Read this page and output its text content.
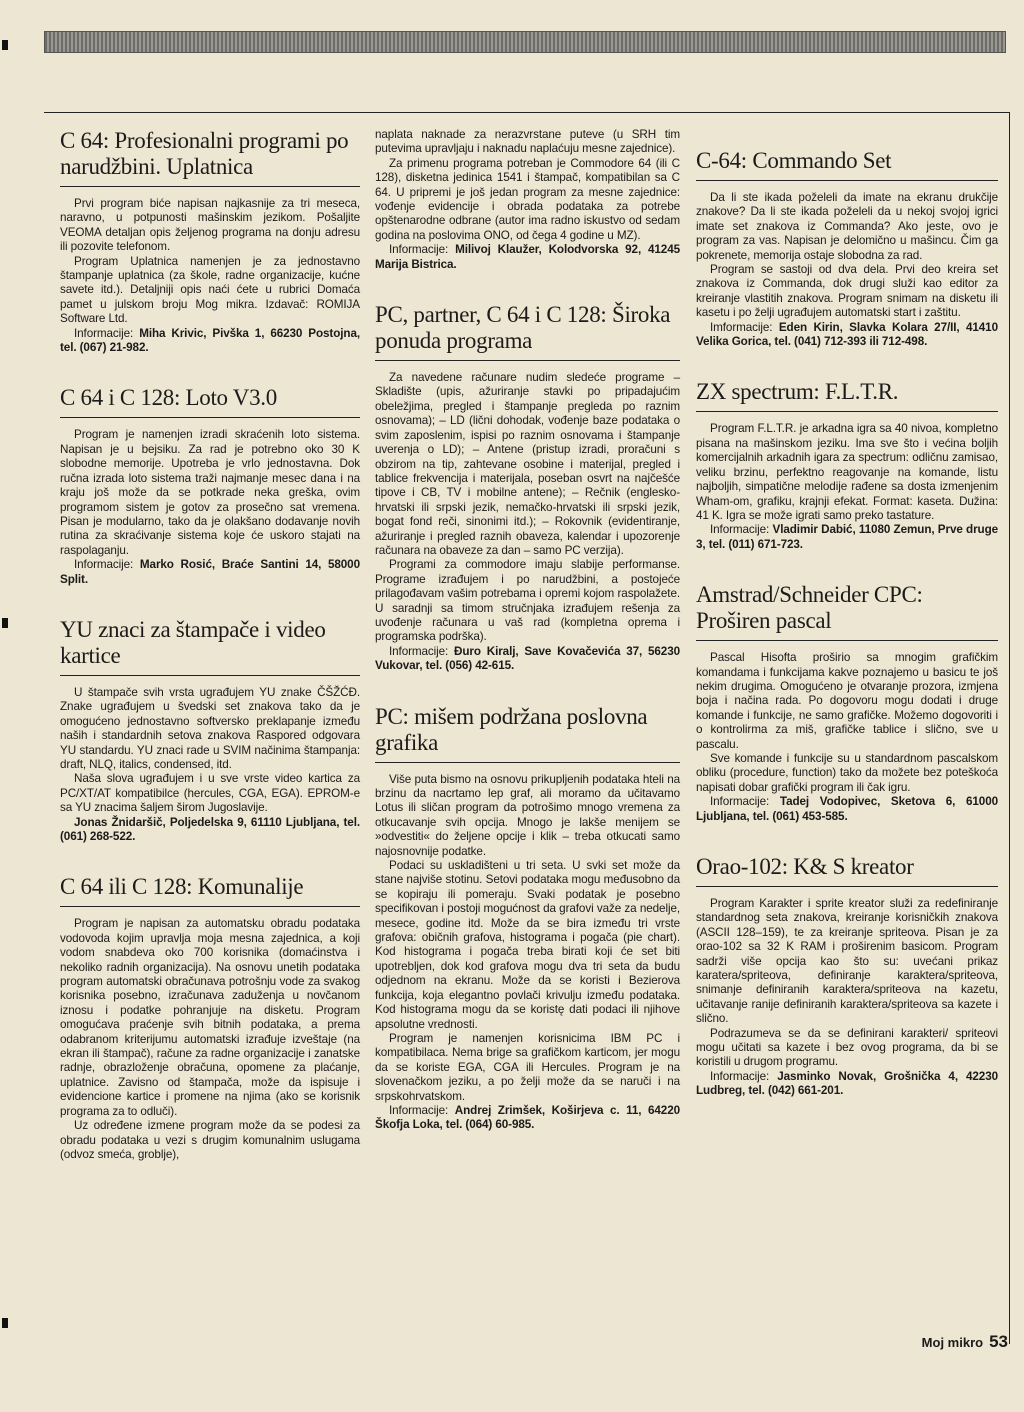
C 64: Profesionalni programi po narudžbini. Uplatnica

Prvi program biće napisan najkasnije za tri meseca, naravno, u potpunosti mašinskim jezikom. Pošaljite VEOMA detaljan opis željenog programa na donju adresu ili pozovite telefonom.

Program Uplatnica namenjen je za jednostavno štampanje uplatnica (za škole, radne organizacije, kućne savete itd.). Detaljniji opis naći ćete u rubrici Domaća pamet u julskom broju Mog mikra. Izdavač: ROMIJA Software Ltd.

Informacije: Miha Krivic, Pivška 1, 66230 Postojna, tel. (067) 21-982.

C 64 i C 128: Loto V3.0

Program je namenjen izradi skraćenih loto sistema. Napisan je u bejsiku. Za rad je potrebno oko 30 K slobodne memorije. Upotreba je vrlo jednostavna. Dok ručna izrada loto sistema traži najmanje mesec dana i na kraju još može da se potkrade neka greška, ovim programom sistem je gotov za prosečno sat vremena. Pisan je modularno, tako da je olakšano dodavanje novih rutina za skraćivanje sistema koje će uskoro stajati na raspolaganju.

Informacije: Marko Rosić, Braće Santini 14, 58000 Split.

YU znaci za štampače i video kartice

U štampače svih vrsta ugrađujem YU znake ČŠŽĆĐ. Znake ugrađujem u švedski set znakova tako da je omogućeno jednostavno softversko preklapanje između naših i standardnih setova znakova Raspored odgovara YU standardu. YU znaci rade u SVIM načinima štampanja: draft, NLQ, italics, condensed, itd.

Naša slova ugrađujem i u sve vrste video kartica za PC/XT/AT kompatibilce (hercules, CGA, EGA). EPROM-e sa YU znacima šaljem širom Jugoslavije.

Jonas Žnidaršič, Poljedelska 9, 61110 Ljubljana, tel. (061) 268-522.

C 64 ili C 128: Komunalije

Program je napisan za automatsku obradu podataka vodovoda kojim upravlja moja mesna zajednica, a koji vodom snabdeva oko 700 korisnika (domaćinstva i nekoliko radnih organizacija). Na osnovu unetih podataka program automatski obračunava potrošnju vode za svakog korisnika posebno, izračunava zaduženja u novčanom iznosu i podatke pohranjuje na disketu. Program omogućava praćenje svih bitnih podataka, a prema odabranom kriterijumu automatski izrađuje izveštaje (na ekran ili štampač), račune za radne organizacije i zanatske radnje, obrazloženje obračuna, opomene za plaćanje, uplatnice. Zavisno od štampača, može da ispisuje i evidencione kartice i promene na njima (ako se korisnik programa za to odluči).

Uz određene izmene program može da se podesi za obradu podataka u vezi s drugim komunalnim uslugama (odvoz smeća, groblje),

naplata naknade za nerazvrstane puteve (u SRH tim putevima upravljaju i naknadu naplaćuju mesne zajednice).

Za primenu programa potreban je Commodore 64 (ili C 128), disketna jedinica 1541 i štampač, kompatibilan sa C 64. U pripremi je još jedan program za mesne zajednice: vođenje evidencije i obrada podataka za potrebe opštenarodne odbrane (autor ima radno iskustvo od sedam godina na poslovima ONO, od čega 4 godine u MZ).

Informacije: Milivoj Klaužer, Kolodvorska 92, 41245 Marija Bistrica.

PC, partner, C 64 i C 128: Široka ponuda programa

Za navedene računare nudim sledeće programe – Skladište (upis, ažuriranje stavki po pripadajućim obeležjima, pregled i štampanje pregleda po raznim osnovama); – LD (lični dohodak, vođenje baze podataka o svim zaposlenim, ispisi po raznim osnovama i štampanje uverenja o LD); – Antene (pristup izradi, proračuni s obzirom na tip, zahtevane osobine i materijal, pregled i tablice frekvencija i materijala, poseban osvrt na najčešće tipove i CB, TV i mobilne antene); – Rečnik (englesko-hrvatski ili srpski jezik, nemačko-hrvatski ili srpski jezik, bogat fond reči, sinonimi itd.); – Rokovnik (evidentiranje, ažuriranje i pregled raznih obaveza, kalendar i upozorenje računara na obaveze za dan – samo PC verzija).

Programi za commodore imaju slabije performanse. Programe izrađujem i po narudžbini, a postojeće prilagođavam vašim potrebama i opremi kojom raspolažete. U saradnji sa timom stručnjaka izrađujem rešenja za uvođenje računara u vaš rad (kompletna oprema i programska podrška).

Informacije: Đuro Kiralj, Save Kovačevića 37, 56230 Vukovar, tel. (056) 42-615.

PC: mišem podržana poslovna grafika

Više puta bismo na osnovu prikupljenih podataka hteli na brzinu da nacrtamo lep graf, ali moramo da učitavamo Lotus ili sličan program da potrošimo mnogo vremena za otkucavanje svih opcija. Mnogo je lakše menijem se »odvestiti« do željene opcije i klik – treba otkucati samo najosnovnije podatke.

Podaci su uskladišteni u tri seta. U svki set može da stane najviše stotinu. Setovi podataka mogu međusobno da se kopiraju ili pomeraju. Svaki podatak je posebno specifikovan i postoji mogućnost da grafovi važe za nedelje, mesece, godine itd. Može da se bira između tri vrste grafova: običnih grafova, histograma i pogača (pie chart). Kod histograma i pogača treba birati koji će set biti upotrebljen, dok kod grafova mogu dva tri seta da budu odjednom na ekranu. Može da se koristi i Bezierova funkcija, koja elegantno povlači krivulju između podataka. Kod histograma mogu da se koristę dati podaci ili njihove apsolutne vrednosti.

Program je namenjen korisnicima IBM PC i kompatibilaca. Nema brige sa grafičkom karticom, jer mogu da se koriste EGA, CGA ili Hercules. Program je na slovenačkom jeziku, a po želji može da se naruči i na srpskohrvatskom.

Informacije: Andrej Zrimšek, Koširjeva c. 11, 64220 Škofja Loka, tel. (064) 60-985.

C-64: Commando Set

Da li ste ikada poželeli da imate na ekranu drukčije znakove? Da li ste ikada poželeli da u nekoj svojoj igrici imate set znakova iz Commanda? Ako jeste, ovo je program za vas. Napisan je delomično u mašincu. Čim ga pokrenete, memorija ostaje slobodna za rad.

Program se sastoji od dva dela. Prvi deo kreira set znakova iz Commanda, dok drugi služi kao editor za kreiranje vlastitih znakova. Program snimam na disketu ili kasetu i po želji ugrađujem automatski start i zaštitu.

Imformacije: Eden Kirin, Slavka Kolara 27/II, 41410 Velika Gorica, tel. (041) 712-393 ili 712-498.

ZX spectrum: F.L.T.R.

Program F.L.T.R. je arkadna igra sa 40 nivoa, kompletno pisana na mašinskom jeziku. Ima sve što i većina boljih komercijalnih arkadnih igara za spectrum: odličnu zamisao, veliku brzinu, perfektno reagovanje na komande, listu najboljih, simpatične melodije rađene sa dosta izmenjenim Wham-om, grafiku, krajnji efekat. Format: kaseta. Dužina: 41 K. Igra se može igrati samo preko tastature.

Informacije: Vladimir Dabić, 11080 Zemun, Prve druge 3, tel. (011) 671-723.

Amstrad/Schneider CPC: Proširen pascal

Pascal Hisofta proširio sa mnogim grafičkim komandama i funkcijama kakve poznajemo u basicu te još nekim drugima. Omogućeno je otvaranje prozora, izmjena boja i načina rada. Po dogovoru mogu dodati i druge komande i funkcije, ne samo grafičke. Možemo dogovoriti i o kontrolirma za miš, grafičke tablice i slično, sve u pascalu.

Sve komande i funkcije su u standardnom pascalskom obliku (procedure, function) tako da možete bez poteškoća napisati dobar grafički program ili čak igru.

Informacije: Tadej Vodopivec, Sketova 6, 61000 Ljubljana, tel. (061) 453-585.

Orao-102: K& S kreator

Program Karakter i sprite kreator služi za redefiniranje standardnog seta znakova, kreiranje korisničkih znakova (ASCII 128–159), te za kreiranje spriteova. Pisan je za orao-102 sa 32 K RAM i proširenim basicom. Program sadrži više opcija kao što su: uvećani prikaz karatera/spriteova, definiranje karaktera/spriteova, snimanje definiranih karaktera/spriteova na kazetu, učitavanje ranije definiranih karaktera/spriteova sa kazete i slično.

Podrazumeva se da se definirani karakteri/ spriteovi mogu učitati sa kazete i bez ovog programa, da bi se koristili u drugom programu.

Informacije: Jasminko Novak, Grošnička 4, 42230 Ludbreg, tel. (042) 661-201.

Moj mikro 53
